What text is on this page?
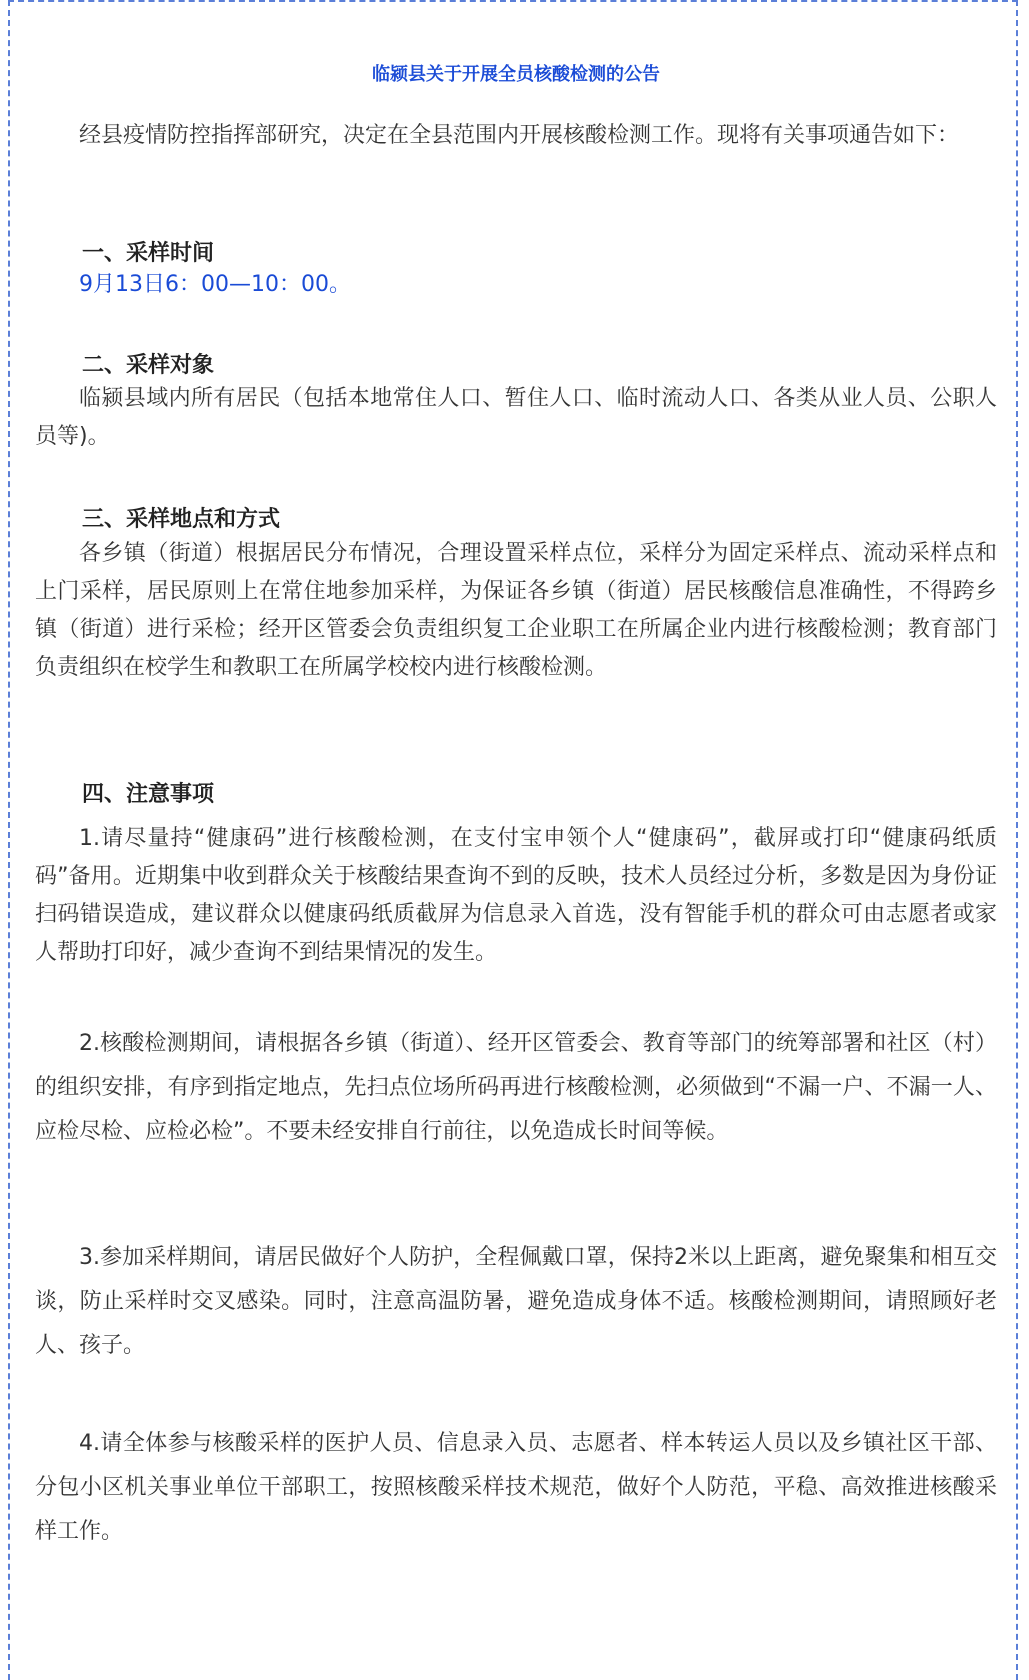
临颍县关于开展全员核酸检测的公告

经县疫情防控指挥部研究，决定在全县范围内开展核酸检测工作。现将有关事项通告如下：

一、采样时间

9月13日6：00—10：00。

二、采样对象

临颍县域内所有居民（包括本地常住人口、暂住人口、临时流动人口、各类从业人员、公职人员等)。

三、采样地点和方式

各乡镇（街道）根据居民分布情况，合理设置采样点位，采样分为固定采样点、流动采样点和上门采样，居民原则上在常住地参加采样，为保证各乡镇（街道）居民核酸信息准确性，不得跨乡镇（街道）进行采检；经开区管委会负责组织复工企业职工在所属企业内进行核酸检测；教育部门负责组织在校学生和教职工在所属学校校内进行核酸检测。

四、注意事项

1.请尽量持“健康码”进行核酸检测，在支付宝申领个人“健康码”，截屏或打印“健康码纸质码”备用。近期集中收到群众关于核酸结果查询不到的反映，技术人员经过分析，多数是因为身份证扫码错误造成，建议群众以健康码纸质截屏为信息录入首选，没有智能手机的群众可由志愿者或家人帮助打印好，减少查询不到结果情况的发生。

2.核酸检测期间，请根据各乡镇（街道）、经开区管委会、教育等部门的统筹部署和社区（村）的组织安排，有序到指定地点，先扫点位场所码再进行核酸检测，必须做到“不漏一户、不漏一人、应检尽检、应检必检”。不要未经安排自行前往，以免造成长时间等候。

3.参加采样期间，请居民做好个人防护，全程佩戴口罩，保持2米以上距离，避免聚集和相互交谈，防止采样时交叉感染。同时，注意高温防暑，避免造成身体不适。核酸检测期间，请照顾好老人、孩子。

4.请全体参与核酸采样的医护人员、信息录入员、志愿者、样本转运人员以及乡镇社区干部、分包小区机关事业单位干部职工，按照核酸采样技术规范，做好个人防范，平稳、高效推进核酸采样工作。
